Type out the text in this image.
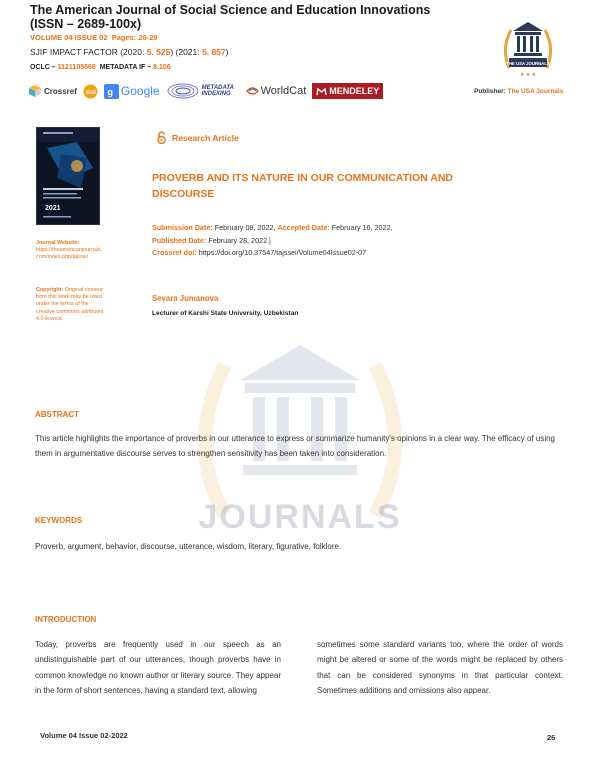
The American Journal of Social Science and Education Innovations (ISSN – 2689-100x)
VOLUME 04 ISSUE 02 Pages: 26-29
SJIF IMPACT FACTOR (2020: 5. 525) (2021: 5. 857)
OCLC – 1121105668 METADATA IF – 8.106
Crossref doi g Google	METADATA INDEXING	WorldCat	MENDELEY	Publisher: The USA Journals
THE USA JOURNALS
★ ★ ★
2021
Journal Website:
https://theamericanjournals.com/index.php/tajssei
Copyright: Original content from this work may be used under the terms of the creative commons attributes 4.0 licence.
Research Article
PROVERB AND ITS NATURE IN OUR COMMUNICATION AND DISCOURSE
Submission Date: February 08, 2022, Accepted Date: February 16, 2022,
Published Date: February 28, 2022 |
Crossref doi: https://doi.org/10.37547/tajssei/Volume04Issue02-07
Sevara Jumanova
Lecturer of Karshi State University, Uzbekistan
JOURNALS
ABSTRACT
This article highlights the importance of proverbs in our utterance to express or summarize humanity's opinions in a clear way. The efficacy of using them in argumentative discourse serves to strengthen sensitivity has been taken into consideration.
KEYWORDS
Proverb, argument, behavior, discourse, utterance, wisdom, literary, figurative, folklore.
INTRODUCTION
Today, proverbs are frequently used in our speech as an undistinguishable part of our utterances, though proverbs have in common knowledge no known author or literary source. They appear in the form of short sentences, having a standard text, allowing
sometimes some standard variants too, where the order of words might be altered or some of the words might be replaced by others that can be considered synonyms in that particular context. Sometimes additions and omissions also appear.
Volume 04 Issue 02-2022	26
